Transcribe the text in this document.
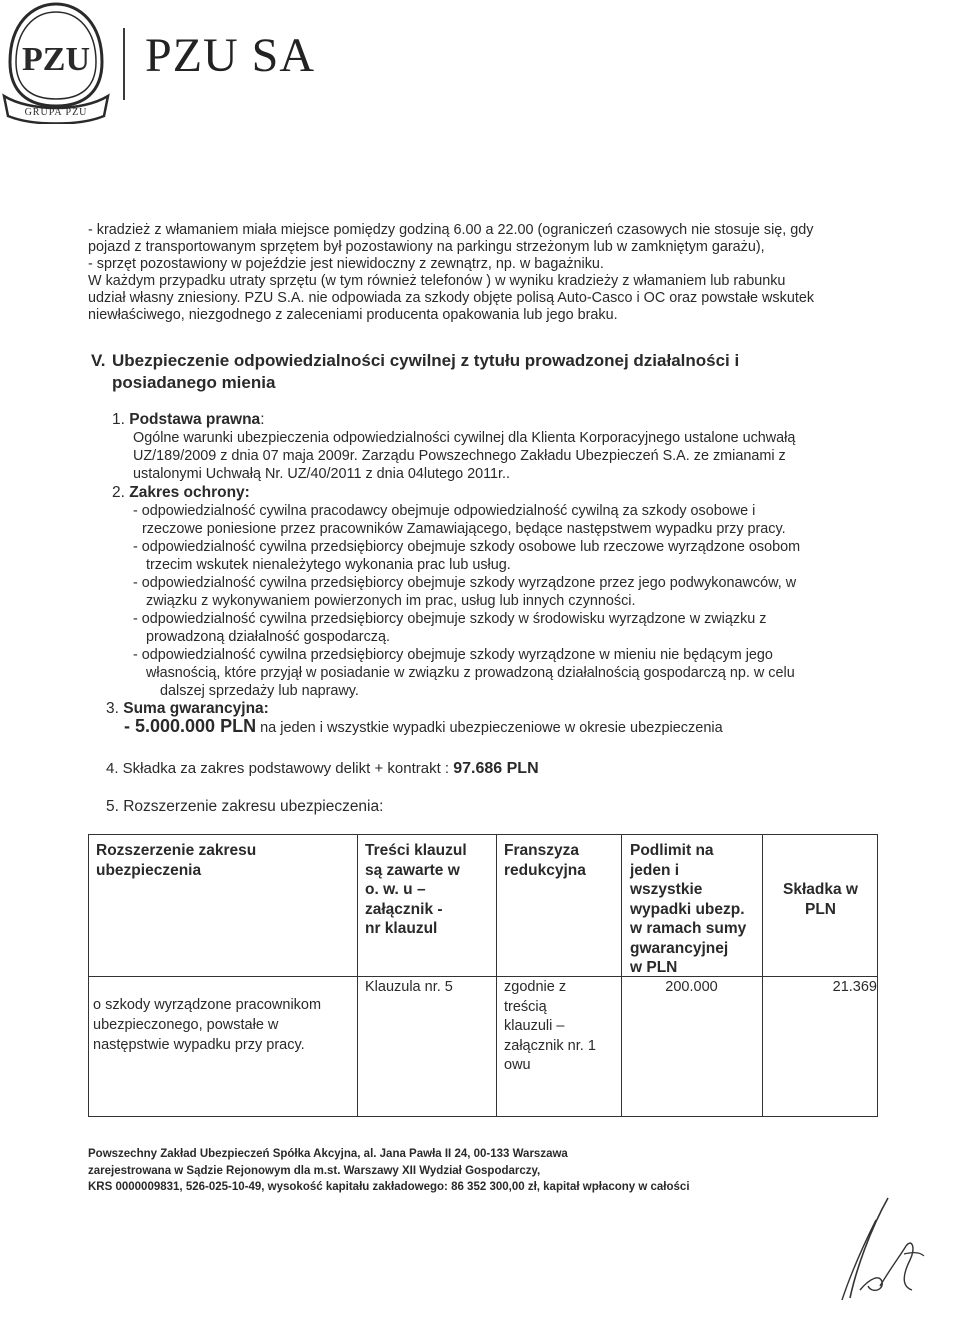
PZU
GRUPA PZU
PZU SA
- kradzież z włamaniem miała miejsce pomiędzy godziną 6.00 a 22.00 (ograniczeń czasowych nie stosuje się, gdy
pojazd z transportowanym sprzętem był pozostawiony na parkingu strzeżonym lub w zamkniętym garażu),
- sprzęt pozostawiony w pojeździe jest niewidoczny z zewnątrz, np. w bagażniku.
W każdym przypadku utraty sprzętu (w tym również telefonów ) w wyniku kradzieży z włamaniem lub rabunku
udział własny zniesiony. PZU S.A. nie odpowiada za szkody objęte polisą Auto-Casco i OC oraz powstałe wskutek
niewłaściwego, niezgodnego z zaleceniami producenta opakowania lub jego braku.
V. Ubezpieczenie odpowiedzialności cywilnej z tytułu prowadzonej działalności i
posiadanego mienia
1. Podstawa prawna:
Ogólne warunki ubezpieczenia odpowiedzialności cywilnej dla Klienta Korporacyjnego ustalone uchwałą
UZ/189/2009 z dnia 07 maja 2009r. Zarządu Powszechnego Zakładu Ubezpieczeń S.A. ze zmianami z
ustalonymi Uchwałą Nr. UZ/40/2011 z dnia 04lutego 2011r..
2. Zakres ochrony:
- odpowiedzialność cywilna pracodawcy obejmuje odpowiedzialność cywilną za szkody osobowe i
rzeczowe poniesione przez pracowników Zamawiającego, będące następstwem wypadku przy pracy.
- odpowiedzialność cywilna przedsiębiorcy obejmuje szkody osobowe lub rzeczowe wyrządzone osobom
trzecim wskutek nienależytego wykonania prac lub usług.
- odpowiedzialność cywilna przedsiębiorcy obejmuje szkody wyrządzone przez jego podwykonawców, w
związku z wykonywaniem powierzonych im prac, usług lub innych czynności.
- odpowiedzialność cywilna przedsiębiorcy obejmuje szkody w środowisku wyrządzone w związku z
prowadzoną działalność gospodarczą.
- odpowiedzialność cywilna przedsiębiorcy obejmuje szkody wyrządzone w mieniu nie będącym jego
własnością, które przyjął w posiadanie w związku z prowadzoną działalnością gospodarczą np. w celu
dalszej sprzedaży lub naprawy.
3. Suma gwarancyjna:
- 5.000.000 PLN na jeden i wszystkie wypadki ubezpieczeniowe w okresie ubezpieczenia
4. Składka za zakres podstawowy delikt + kontrakt : 97.686 PLN
5. Rozszerzenie zakresu ubezpieczenia:
Rozszerzenie zakresu
ubezpieczenia
Treści klauzul
są zawarte w
o. w. u –
załącznik -
nr klauzul
Franszyza
redukcyjna
Podlimit na
jeden i
wszystkie
wypadki ubezp.
w ramach sumy
gwarancyjnej
w PLN
Składka w
PLN
o szkody wyrządzone pracownikom
ubezpieczonego, powstałe w
następstwie wypadku przy pracy.
Klauzula nr. 5	zgodnie z
treścią
klauzuli –
załącznik nr. 1
owu
200.000	21.369
Powszechny Zakład Ubezpieczeń Spółka Akcyjna, al. Jana Pawła II 24, 00-133 Warszawa
zarejestrowana w Sądzie Rejonowym dla m.st. Warszawy XII Wydział Gospodarczy,
KRS 0000009831, 526-025-10-49, wysokość kapitału zakładowego: 86 352 300,00 zł, kapitał wpłacony w całości
